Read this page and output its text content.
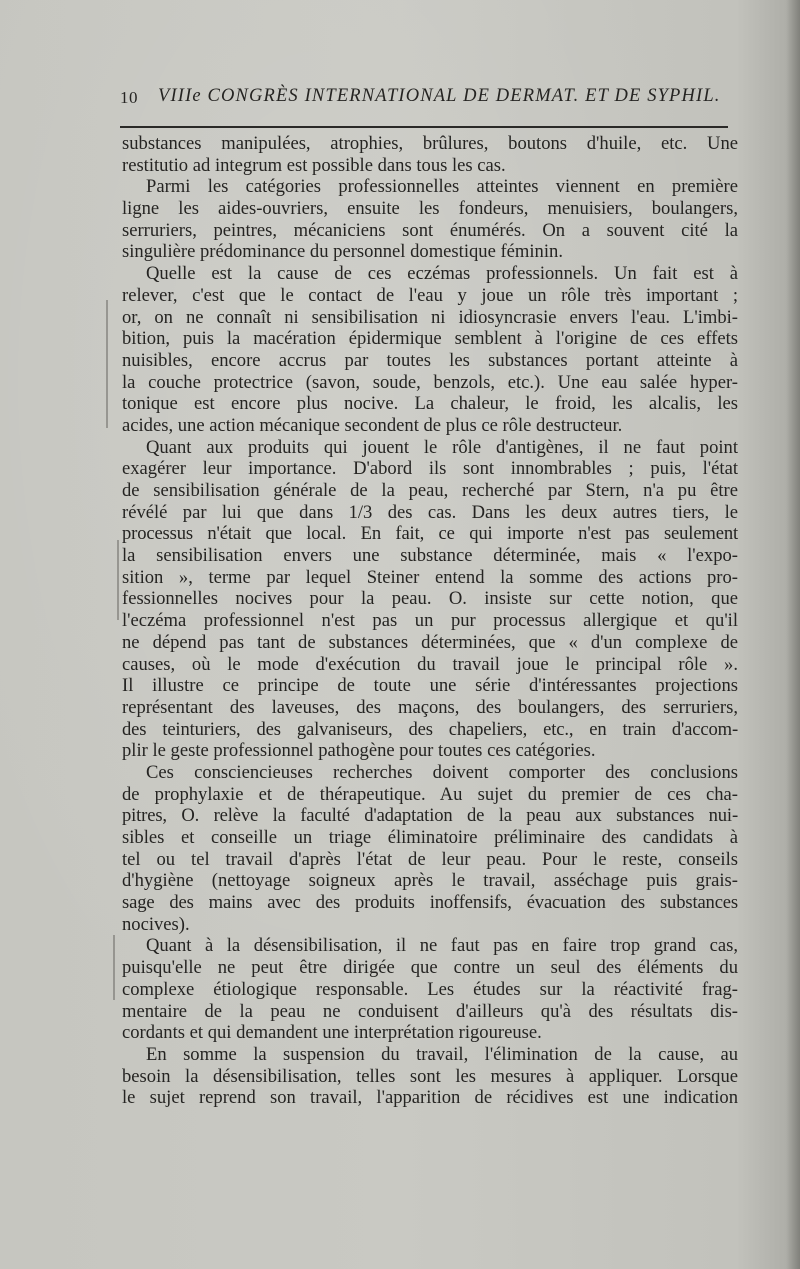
10 VIIIe CONGRÈS INTERNATIONAL DE DERMAT. ET DE SYPHIL.
substances manipulées, atrophies, brûlures, boutons d'huile, etc. Une
restitutio ad integrum est possible dans tous les cas.
Parmi les catégories professionnelles atteintes viennent en première
ligne les aides-ouvriers, ensuite les fondeurs, menuisiers, boulangers,
serruriers, peintres, mécaniciens sont énumérés. On a souvent cité la
singulière prédominance du personnel domestique féminin.
Quelle est la cause de ces eczémas professionnels. Un fait est à
relever, c'est que le contact de l'eau y joue un rôle très important ;
or, on ne connaît ni sensibilisation ni idiosyncrasie envers l'eau. L'imbi-
bition, puis la macération épidermique semblent à l'origine de ces effets
nuisibles, encore accrus par toutes les substances portant atteinte à
la couche protectrice (savon, soude, benzols, etc.). Une eau salée hyper-
tonique est encore plus nocive. La chaleur, le froid, les alcalis, les
acides, une action mécanique secondent de plus ce rôle destructeur.
Quant aux produits qui jouent le rôle d'antigènes, il ne faut point
exagérer leur importance. D'abord ils sont innombrables ; puis, l'état
de sensibilisation générale de la peau, recherché par Stern, n'a pu être
révélé par lui que dans 1/3 des cas. Dans les deux autres tiers, le
processus n'était que local. En fait, ce qui importe n'est pas seulement
la sensibilisation envers une substance déterminée, mais « l'expo-
sition », terme par lequel Steiner entend la somme des actions pro-
fessionnelles nocives pour la peau. O. insiste sur cette notion, que
l'eczéma professionnel n'est pas un pur processus allergique et qu'il
ne dépend pas tant de substances déterminées, que « d'un complexe de
causes, où le mode d'exécution du travail joue le principal rôle ».
Il illustre ce principe de toute une série d'intéressantes projections
représentant des laveuses, des maçons, des boulangers, des serruriers,
des teinturiers, des galvaniseurs, des chapeliers, etc., en train d'accom-
plir le geste professionnel pathogène pour toutes ces catégories.
Ces consciencieuses recherches doivent comporter des conclusions
de prophylaxie et de thérapeutique. Au sujet du premier de ces cha-
pitres, O. relève la faculté d'adaptation de la peau aux substances nui-
sibles et conseille un triage éliminatoire préliminaire des candidats à
tel ou tel travail d'après l'état de leur peau. Pour le reste, conseils
d'hygiène (nettoyage soigneux après le travail, asséchage puis grais-
sage des mains avec des produits inoffensifs, évacuation des substances
nocives).
Quant à la désensibilisation, il ne faut pas en faire trop grand cas,
puisqu'elle ne peut être dirigée que contre un seul des éléments du
complexe étiologique responsable. Les études sur la réactivité frag-
mentaire de la peau ne conduisent d'ailleurs qu'à des résultats dis-
cordants et qui demandent une interprétation rigoureuse.
En somme la suspension du travail, l'élimination de la cause, au
besoin la désensibilisation, telles sont les mesures à appliquer. Lorsque
le sujet reprend son travail, l'apparition de récidives est une indication
